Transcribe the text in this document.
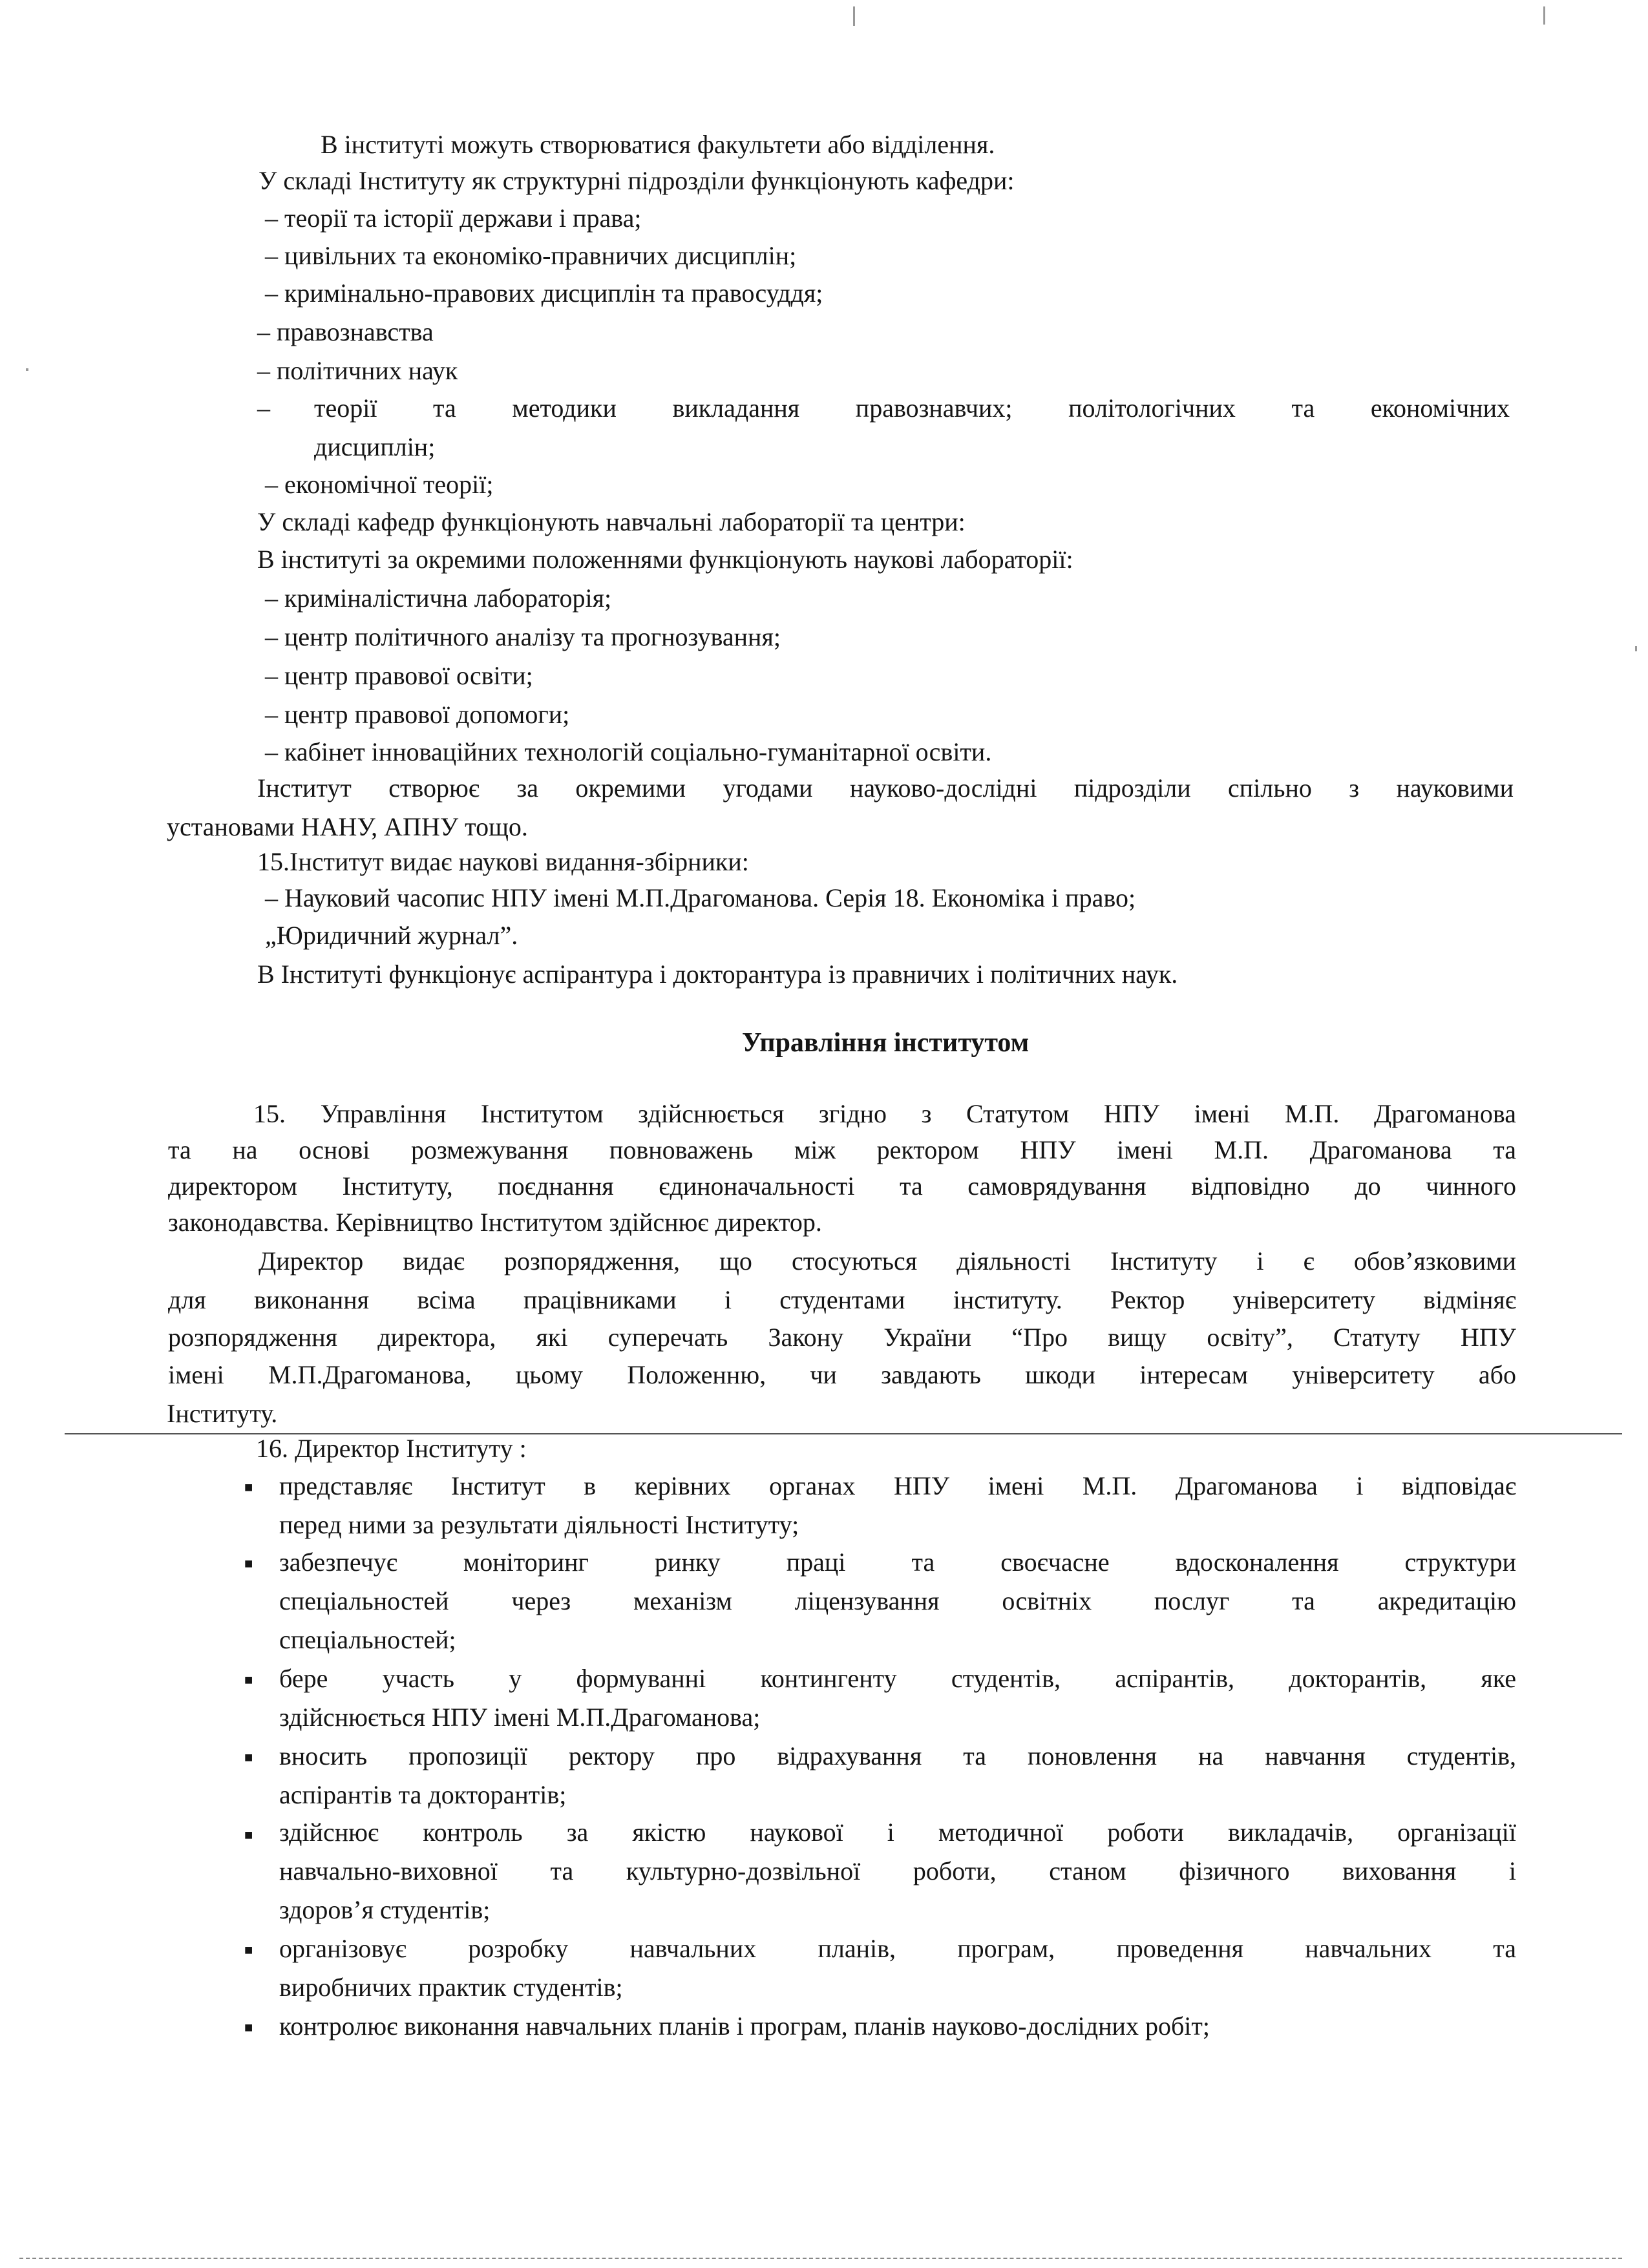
В інституті можуть створюватися факультети або відділення.
У складі Інституту як структурні підрозділи функціонують кафедри:
– теорії та історії держави і права;
– цивільних та економіко-правничих дисциплін;
– кримінально-правових дисциплін та правосуддя;
– правознавства
– політичних наук
– теорії та методики викладання правознавчих; політологічних та економічних
дисциплін;
– економічної теорії;
У складі кафедр функціонують навчальні лабораторії та центри:
В інституті за окремими положеннями функціонують наукові лабораторії:
– криміналістична лабораторія;
– центр політичного аналізу та прогнозування;
– центр правової освіти;
– центр правової допомоги;
– кабінет інноваційних технологій соціально-гуманітарної освіти.
Інститут створює за окремими угодами науково-дослідні підрозділи спільно з науковими
установами НАНУ, АПНУ тощо.
15.Інститут видає наукові видання-збірники:
– Науковий часопис НПУ імені М.П.Драгоманова. Серія 18. Економіка і право;
„Юридичний журнал”.
В Інституті функціонує аспірантура і докторантура із правничих і політичних наук.
Управління інститутом
15. Управління Інститутом здійснюється згідно з Статутом НПУ імені М.П. Драгоманова
та на основі розмежування повноважень між ректором НПУ імені М.П. Драгоманова та
директором Інституту, поєднання єдиноначальності та самоврядування відповідно до чинного
законодавства. Керівництво Інститутом здійснює директор.
Директор видає розпорядження, що стосуються діяльності Інституту і є обов’язковими
для виконання всіма працівниками і студентами інституту. Ректор університету відміняє
розпорядження директора, які суперечать Закону України “Про вищу освіту”, Статуту НПУ
імені М.П.Драгоманова, цьому Положенню, чи завдають шкоди інтересам університету або
Інституту.
16. Директор Інституту :
■ представляє Інститут в керівних органах НПУ імені М.П. Драгоманова і відповідає
перед ними за результати діяльності Інституту;
■ забезпечує моніторинг ринку праці та своєчасне вдосконалення структури
спеціальностей через механізм ліцензування освітніх послуг та акредитацію
спеціальностей;
■ бере участь у формуванні контингенту студентів, аспірантів, докторантів, яке
здійснюється НПУ імені М.П.Драгоманова;
■ вносить пропозиції ректору про відрахування та поновлення на навчання студентів,
аспірантів та докторантів;
■ здійснює контроль за якістю наукової і методичної роботи викладачів, організації
навчально-виховної та культурно-дозвільної роботи, станом фізичного виховання і
здоров’я студентів;
■ організовує розробку навчальних планів, програм, проведення навчальних та
виробничих практик студентів;
■ контролює виконання навчальних планів і програм, планів науково-дослідних робіт;
